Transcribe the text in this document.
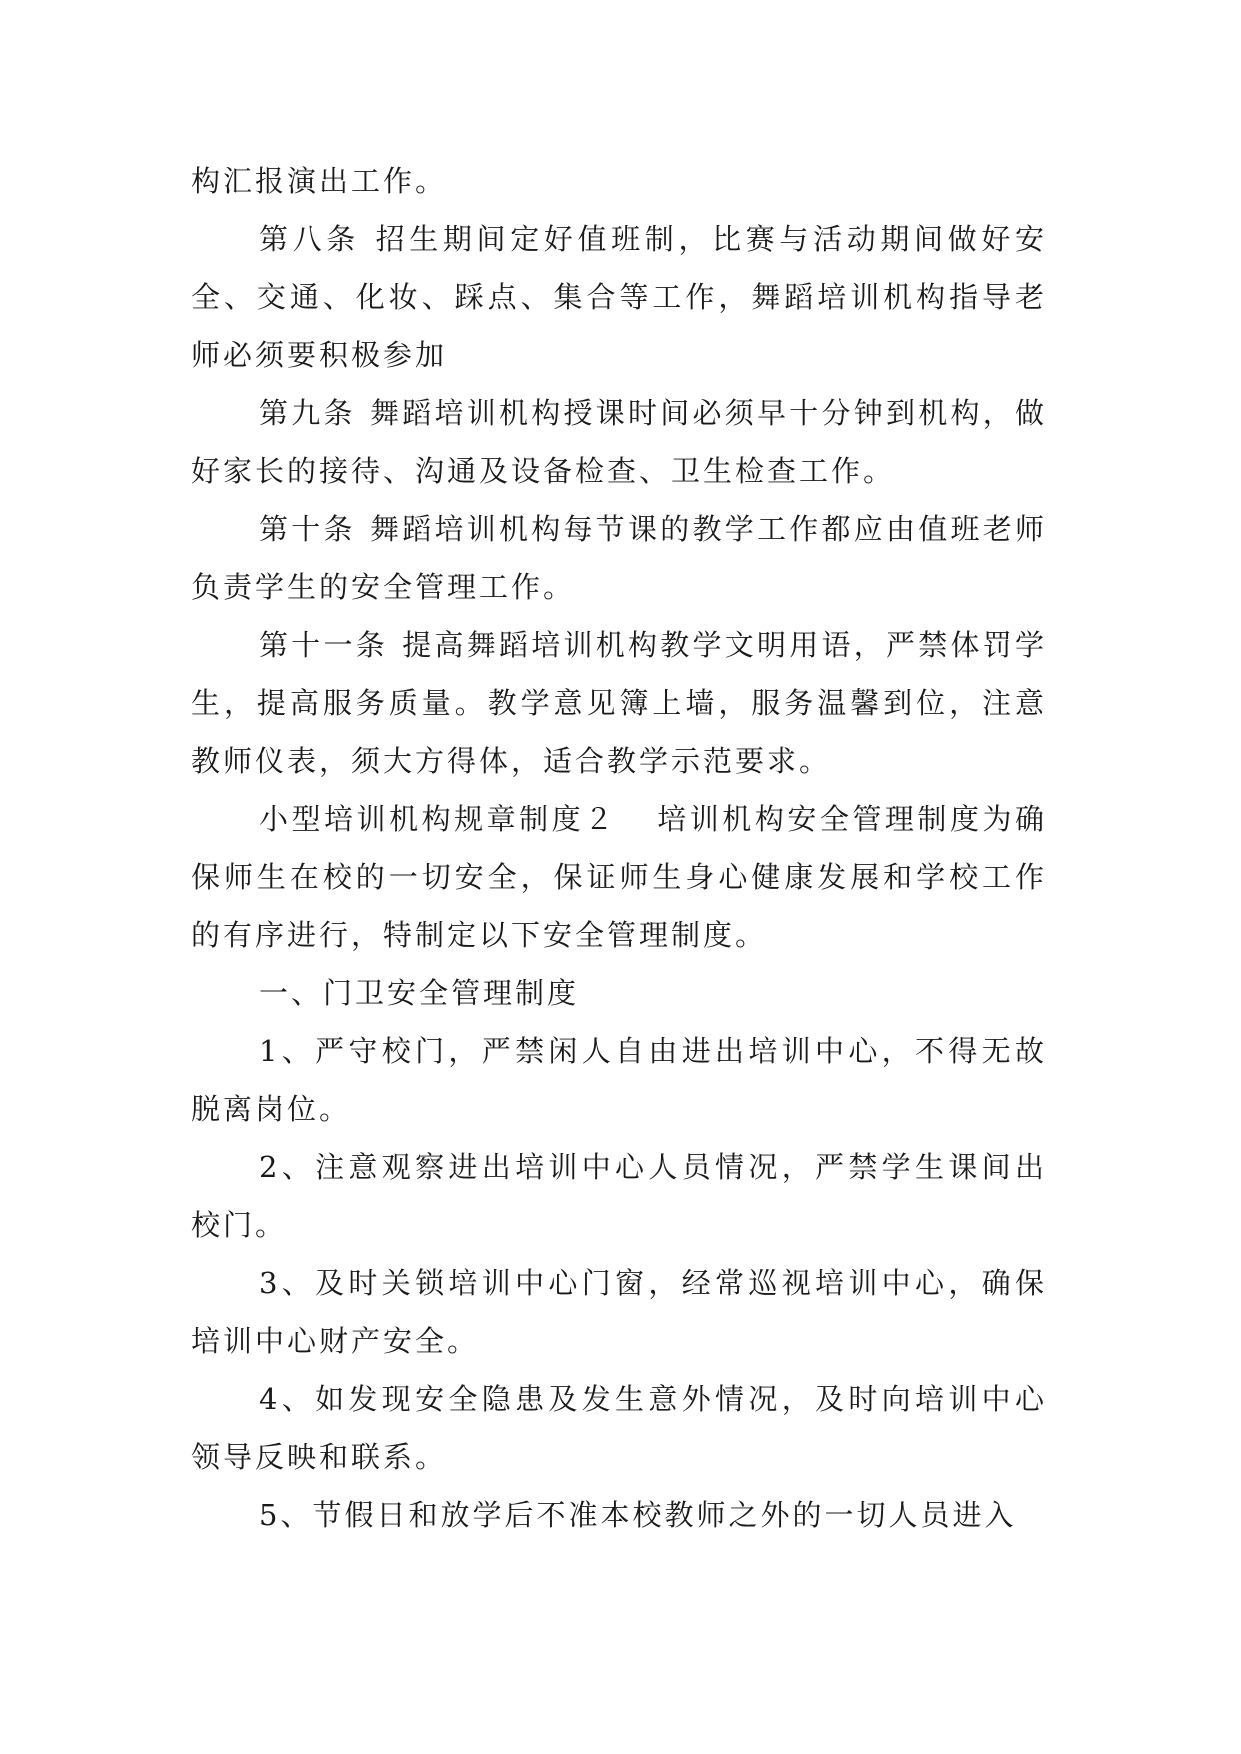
构汇报演出工作。

第八条 招生期间定好值班制，比赛与活动期间做好安全、交通、化妆、踩点、集合等工作，舞蹈培训机构指导老师必须要积极参加

第九条 舞蹈培训机构授课时间必须早十分钟到机构，做好家长的接待、沟通及设备检查、卫生检查工作。

第十条 舞蹈培训机构每节课的教学工作都应由值班老师负责学生的安全管理工作。

第十一条 提高舞蹈培训机构教学文明用语，严禁体罚学生，提高服务质量。教学意见簿上墙，服务温馨到位，注意教师仪表，须大方得体，适合教学示范要求。

小型培训机构规章制度２ 培训机构安全管理制度为确保师生在校的一切安全，保证师生身心健康发展和学校工作的有序进行，特制定以下安全管理制度。

一、门卫安全管理制度

1、严守校门，严禁闲人自由进出培训中心，不得无故脱离岗位。

2、注意观察进出培训中心人员情况，严禁学生课间出校门。

3、及时关锁培训中心门窗，经常巡视培训中心，确保培训中心财产安全。

4、如发现安全隐患及发生意外情况，及时向培训中心领导反映和联系。

5、节假日和放学后不准本校教师之外的一切人员进入
